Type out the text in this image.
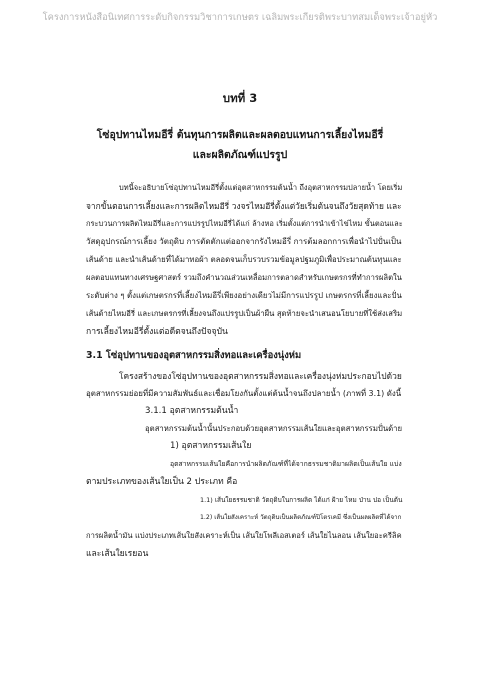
โครงการหนังสือนิเทศการระดับกิจกรรมวิชาการเกษตร เฉลิมพระเกียรติพระบาทสมเด็จพระเจ้าอยู่หัว
บทที่ 3
โซ่อุปทานไหมอีรี่ ต้นทุนการผลิตและผลตอบแทนการเลี้ยงไหมอีรี่
และผลิตภัณฑ์แปรรูป
บทนี้จะอธิบายโซ่อุปทานไหมอีรี่ตั้งแต่อุตสาหกรรมต้นน้ำ ถึงอุตสาหกรรมปลายน้ำ โดยเริ่ม
จากขั้นตอนการเลี้ยงและการผลิตไหมอีรี่ วงจรไหมอีรี่ตั้งแต่วัยเริ่มต้นจนถึงวัยสุดท้าย และ
กระบวนการผลิตไหมอีรี่และการแปรรูปไหมอีรี่ได้แก่ ล้างหอ เริ่มตั้งแต่การนำเข้าไข่ไหม ขั้นตอนและ
วัสดุอุปกรณ์การเลี้ยง วัตถุดิบ การตัดตักแต่ออกจากรังไหมอีรี่ การต้มลอกการเพื่อนำไปปั่นเป็น
เส้นด้าย และนำเส้นด้ายที่ได้มาทอผ้า ตลอดจนเก็บรวบรวมข้อมูลปฐมภูมิเพื่อประมาณต้นทุนและ
ผลตอบแทนทางเศรษฐศาสตร์ รวมถึงคำนวณส่วนเหลื่อมการตลาดสำหรับเกษตรกรที่ทำการผลิตใน
ระดับต่าง ๆ ตั้งแต่เกษตรกรที่เลี้ยงไหมอีรี่เพียงอย่างเดียวไม่มีการแปรรูป เกษตรกรที่เลี้ยงและปั่น
เส้นด้ายไหมอีรี่ และเกษตรกรที่เลี้ยงจนถึงแปรรูปเป็นผ้าผืน สุดท้ายจะนำเสนอนโยบายที่ใช้ส่งเสริม
การเลี้ยงไหมอีรี่ตั้งแต่อดีตจนถึงปัจจุบัน
3.1 โซ่อุปทานของอุตสาหกรรมสิ่งทอและเครื่องนุ่งห่ม
โครงสร้างของโซ่อุปทานของอุตสาหกรรมสิ่งทอและเครื่องนุ่งห่มประกอบไปด้วย
อุตสาหกรรมย่อยที่มีความสัมพันธ์และเชื่อมโยงกันตั้งแต่ต้นน้ำจนถึงปลายน้ำ (ภาพที่ 3.1) ดังนี้
3.1.1 อุตสาหกรรมต้นน้ำ
อุตสาหกรรมต้นน้ำนั้นประกอบด้วยอุตสาหกรรมเส้นใยและอุตสาหกรรมปั่นด้าย
1) อุตสาหกรรมเส้นใย
อุตสาหกรรมเส้นใยคือการนำผลิตภัณฑ์ที่ได้จากธรรมชาติมาผลิตเป็นเส้นใย แบ่ง
ตามประเภทของเส้นใยเป็น 2 ประเภท คือ
1.1) เส้นใยธรรมชาติ วัตถุดิบในการผลิต ได้แก่ ฝ้าย ไหม ป่าน ปอ เป็นต้น
1.2) เส้นใยสังเคราะห์ วัตถุดิบเป็นผลิตภัณฑ์ปิโตรเคมี ซึ่งเป็นผลผลิตที่ได้จาก
การผลิตน้ำมัน แบ่งประเภทเส้นใยสังเคราะห์เป็น เส้นใยโพลีเอสเตอร์ เส้นใยไนลอน เส้นใยอะครีลิค
และเส้นใยเรยอน
